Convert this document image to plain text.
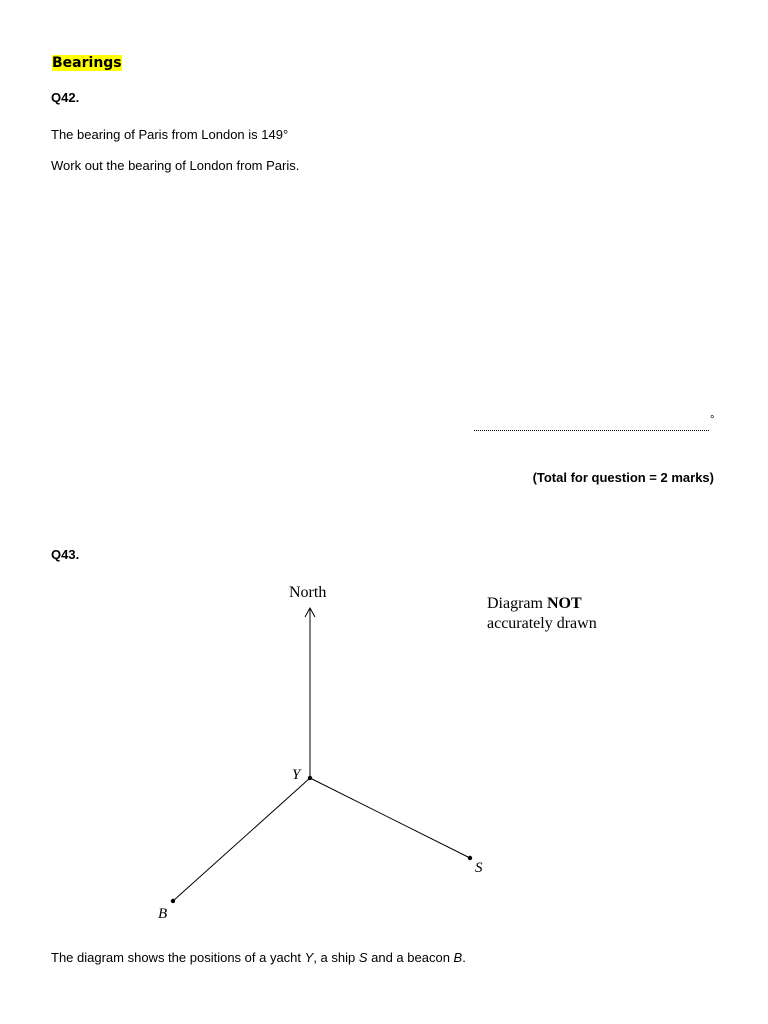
Bearings
Q42.
The bearing of Paris from London is 149°
Work out the bearing of London from Paris.
°
(Total for question = 2 marks)
Q43.
North
Y
S
B
Diagram NOT
accurately drawn
The diagram shows the positions of a yacht Y, a ship S and a beacon B.
